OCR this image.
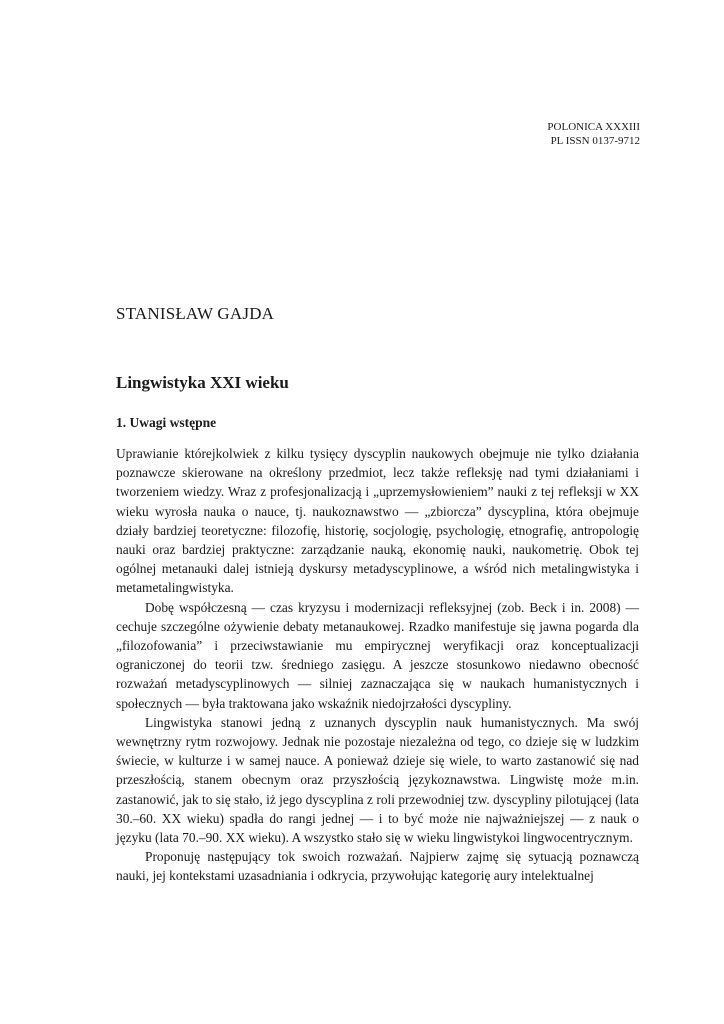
POLONICA XXXIII
PL ISSN 0137-9712
STANISŁAW GAJDA
Lingwistyka XXI wieku
1. Uwagi wstępne

Uprawianie którejkolwiek z kilku tysięcy dyscyplin naukowych obejmuje nie tylko działania poznawcze skierowane na określony przedmiot, lecz także refleksję nad tymi działaniami i tworzeniem wiedzy. Wraz z profesjonalizacją i „uprzemysłowieniem” nauki z tej refleksji w XX wieku wyrosła nauka o nauce, tj. naukoznawstwo — „zbiorcza” dyscyplina, która obejmuje działy bardziej teoretyczne: filozofię, historię, socjologię, psychologię, etnografię, antropologię nauki oraz bardziej praktyczne: zarządzanie nauką, ekonomię nauki, naukometrię. Obok tej ogólnej metanauki dalej istnieją dyskursy metadyscyplinowe, a wśród nich metalingwistyka i metametalingwistyka.

Dobę współczesną — czas kryzysu i modernizacji refleksyjnej (zob. Beck i in. 2008) — cechuje szczególne ożywienie debaty metanaukowej. Rzadko manifestuje się jawna pogarda dla „filozofowania” i przeciwstawianie mu empirycznej weryfikacji oraz konceptualizacji ograniczonej do teorii tzw. średniego zasięgu. A jeszcze stosunkowo niedawno obecność rozważań metadyscyplinowych — silniej zaznaczająca się w naukach humanistycznych i społecznych — była traktowana jako wskaźnik niedojrzałości dyscypliny.

Lingwistyka stanowi jedną z uznanych dyscyplin nauk humanistycznych. Ma swój wewnętrzny rytm rozwojowy. Jednak nie pozostaje niezależna od tego, co dzieje się w ludzkim świecie, w kulturze i w samej nauce. A ponieważ dzieje się wiele, to warto zastanowić się nad przeszłością, stanem obecnym oraz przyszłością językoznawstwa. Lingwistę może m.in. zastanowić, jak to się stało, iż jego dyscyplina z roli przewodniej tzw. dyscypliny pilotującej (lata 30.–60. XX wieku) spadła do rangi jednej — i to być może nie najważniejszej — z nauk o języku (lata 70.–90. XX wieku). A wszystko stało się w wieku lingwistykoi lingwocentrycznym.

Proponuję następujący tok swoich rozważań. Najpierw zajmę się sytuacją poznawczą nauki, jej kontekstami uzasadniania i odkrycia, przywołując kategorię aury intelektualnej
